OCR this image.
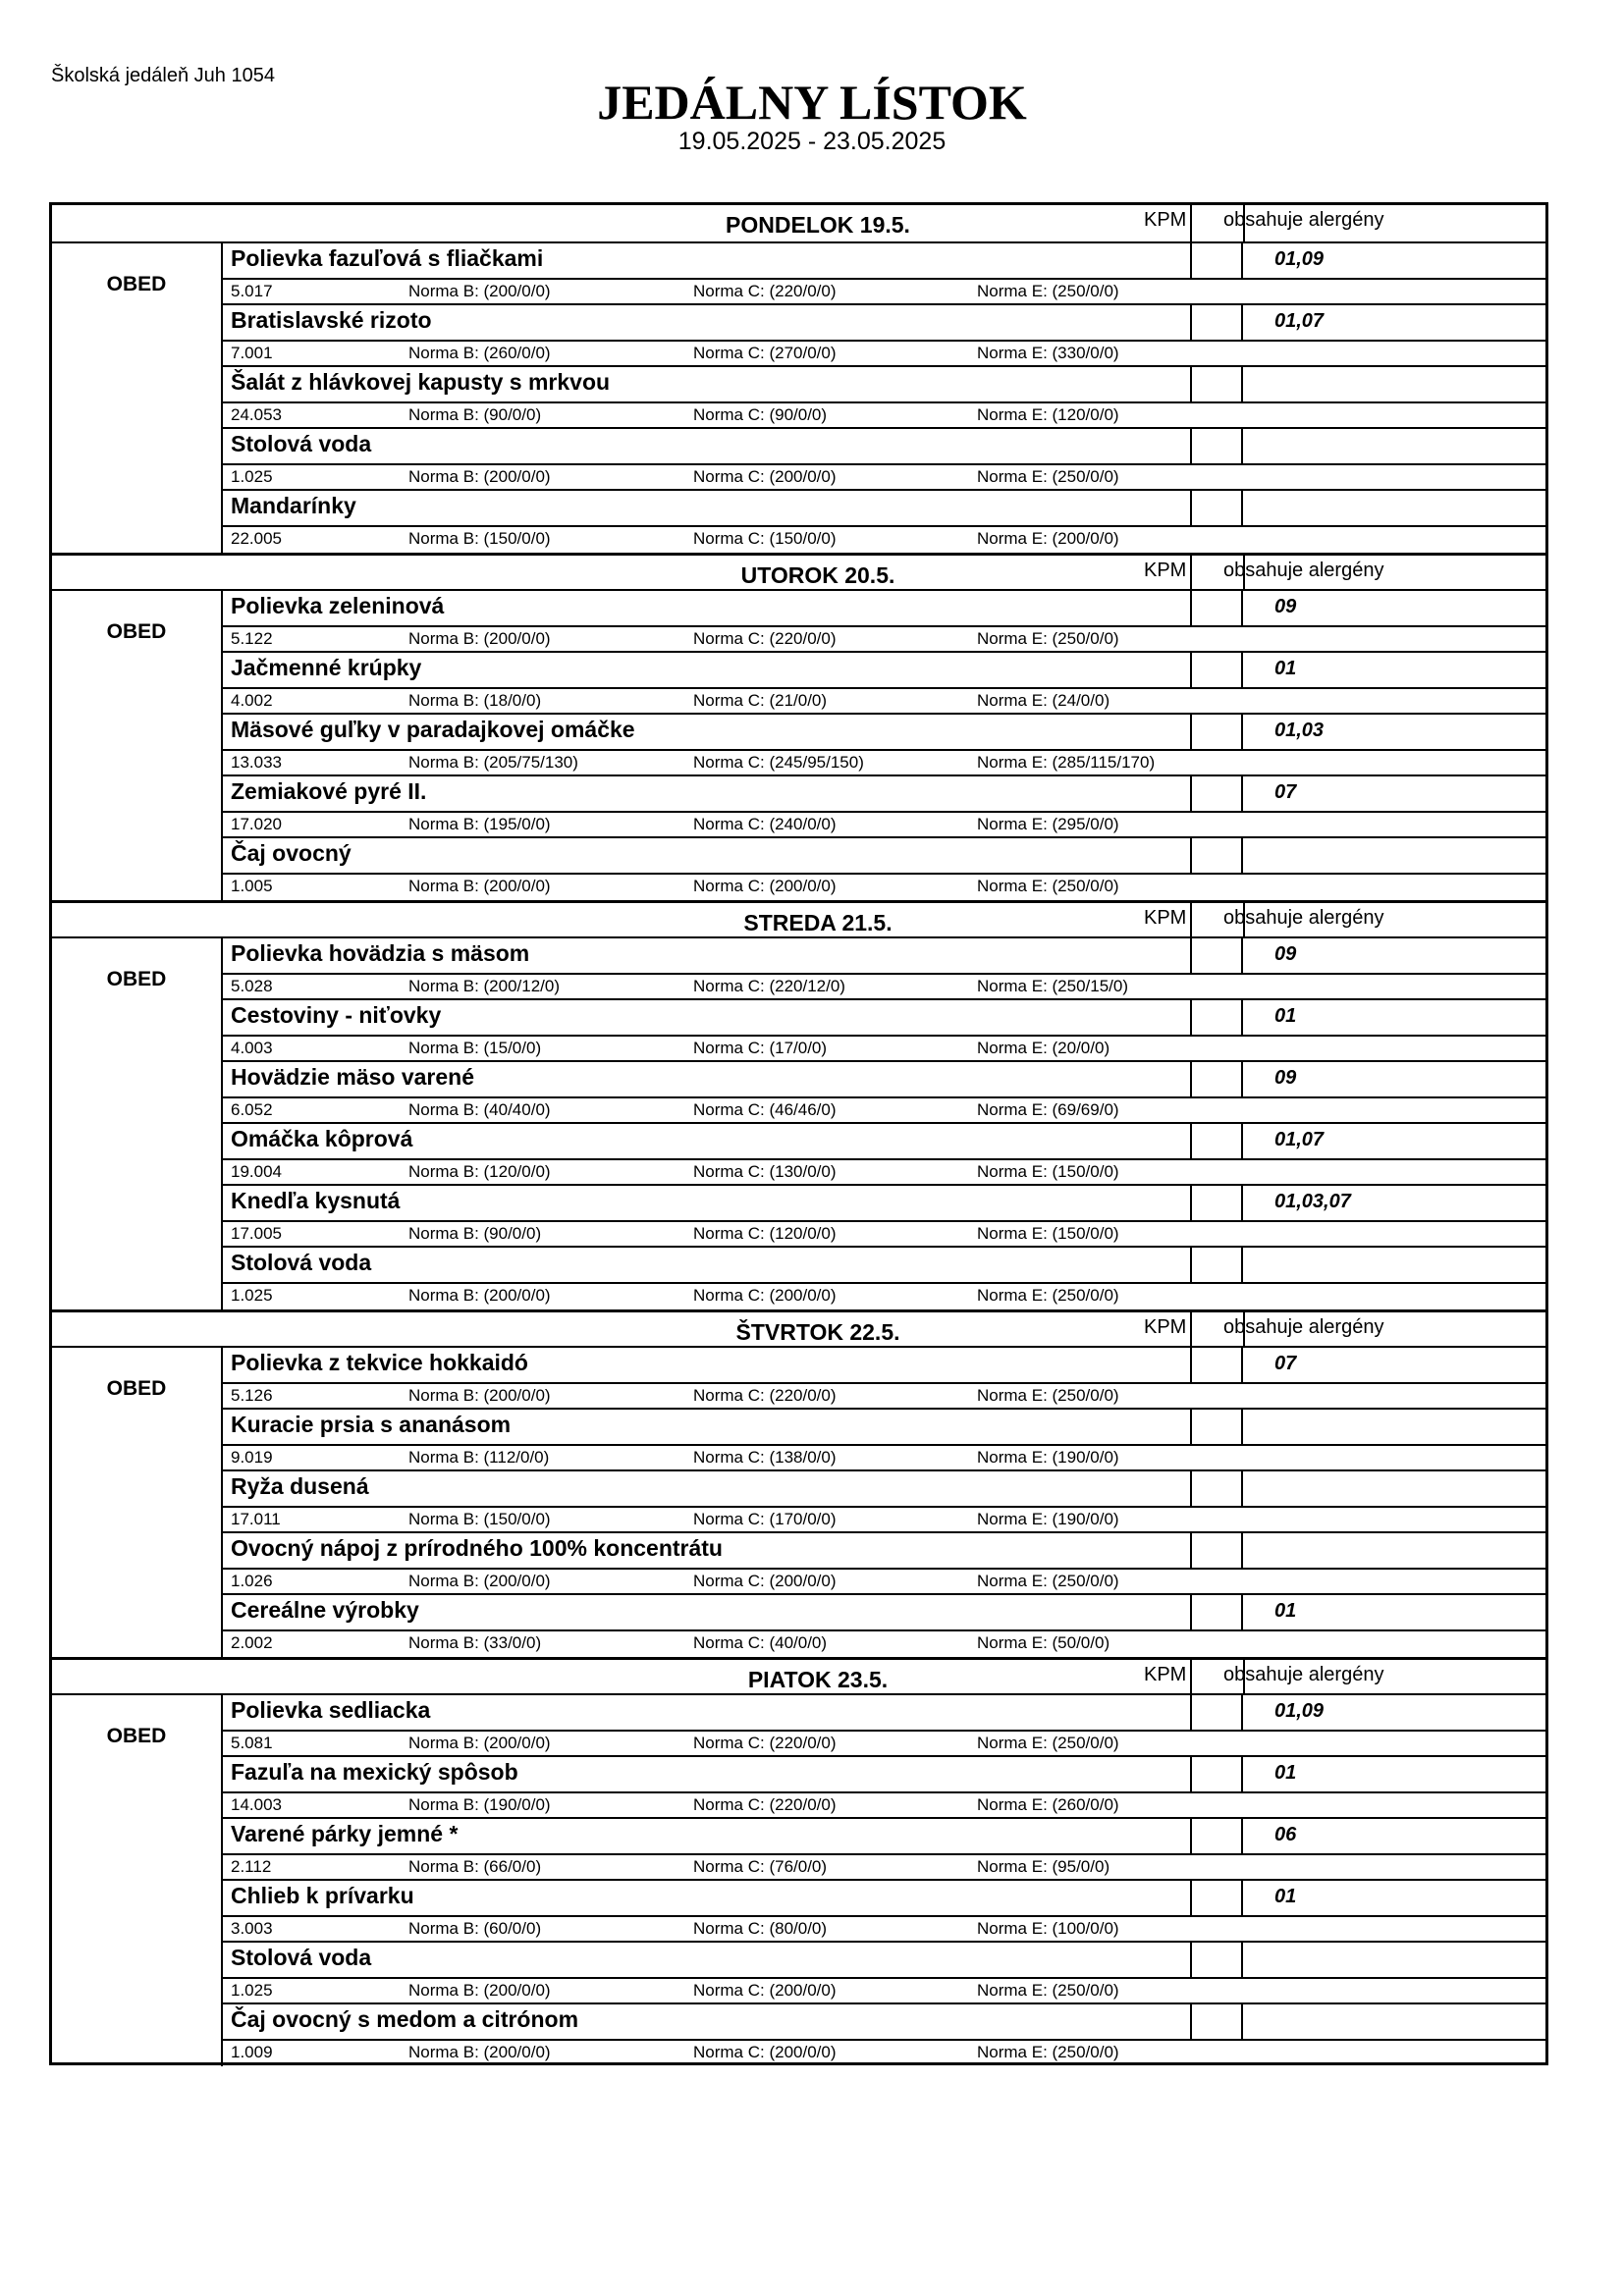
Školská jedáleň Juh 1054	JEDÁLNY LÍSTOK
19.05.2025 - 23.05.2025
PONDELOK 19.5.	KPM obsahuje alergény
OBED
Polievka fazuľová s fliačkami	01,09
5.017	Norma B: (200/0/0)	Norma C: (220/0/0)	Norma E: (250/0/0)
Bratislavské rizoto	01,07
7.001	Norma B: (260/0/0)	Norma C: (270/0/0)	Norma E: (330/0/0)
Šalát z hlávkovej kapusty s mrkvou
24.053	Norma B: (90/0/0)	Norma C: (90/0/0)	Norma E: (120/0/0)
Stolová voda
1.025	Norma B: (200/0/0)	Norma C: (200/0/0)	Norma E: (250/0/0)
Mandarínky
22.005	Norma B: (150/0/0)	Norma C: (150/0/0)	Norma E: (200/0/0)
UTOROK 20.5.	KPM obsahuje alergény
OBED
Polievka zeleninová	09
5.122	Norma B: (200/0/0)	Norma C: (220/0/0)	Norma E: (250/0/0)
Jačmenné krúpky	01
4.002	Norma B: (18/0/0)	Norma C: (21/0/0)	Norma E: (24/0/0)
Mäsové guľky v paradajkovej omáčke	01,03
13.033	Norma B: (205/75/130)	Norma C: (245/95/150)	Norma E: (285/115/170)
Zemiakové pyré II.	07
17.020	Norma B: (195/0/0)	Norma C: (240/0/0)	Norma E: (295/0/0)
Čaj ovocný
1.005	Norma B: (200/0/0)	Norma C: (200/0/0)	Norma E: (250/0/0)
STREDA 21.5.	KPM obsahuje alergény
OBED
Polievka hovädzia s mäsom	09
5.028	Norma B: (200/12/0)	Norma C: (220/12/0)	Norma E: (250/15/0)
Cestoviny - niťovky	01
4.003	Norma B: (15/0/0)	Norma C: (17/0/0)	Norma E: (20/0/0)
Hovädzie mäso varené	09
6.052	Norma B: (40/40/0)	Norma C: (46/46/0)	Norma E: (69/69/0)
Omáčka kôprová	01,07
19.004	Norma B: (120/0/0)	Norma C: (130/0/0)	Norma E: (150/0/0)
Knedľa kysnutá	01,03,07
17.005	Norma B: (90/0/0)	Norma C: (120/0/0)	Norma E: (150/0/0)
Stolová voda
1.025	Norma B: (200/0/0)	Norma C: (200/0/0)	Norma E: (250/0/0)
ŠTVRTOK 22.5.	KPM obsahuje alergény
OBED
Polievka z tekvice hokkaidó	07
5.126	Norma B: (200/0/0)	Norma C: (220/0/0)	Norma E: (250/0/0)
Kuracie prsia s ananásom
9.019	Norma B: (112/0/0)	Norma C: (138/0/0)	Norma E: (190/0/0)
Ryža dusená
17.011	Norma B: (150/0/0)	Norma C: (170/0/0)	Norma E: (190/0/0)
Ovocný nápoj z prírodného 100% koncentrátu
1.026	Norma B: (200/0/0)	Norma C: (200/0/0)	Norma E: (250/0/0)
Cereálne výrobky	01
2.002	Norma B: (33/0/0)	Norma C: (40/0/0)	Norma E: (50/0/0)
PIATOK 23.5.	KPM obsahuje alergény
OBED
Polievka sedliacka	01,09
5.081	Norma B: (200/0/0)	Norma C: (220/0/0)	Norma E: (250/0/0)
Fazuľa na mexický spôsob	01
14.003	Norma B: (190/0/0)	Norma C: (220/0/0)	Norma E: (260/0/0)
Varené párky jemné *	06
2.112	Norma B: (66/0/0)	Norma C: (76/0/0)	Norma E: (95/0/0)
Chlieb k prívarku	01
3.003	Norma B: (60/0/0)	Norma C: (80/0/0)	Norma E: (100/0/0)
Stolová voda
1.025	Norma B: (200/0/0)	Norma C: (200/0/0)	Norma E: (250/0/0)
Čaj ovocný s medom a citrónom
1.009	Norma B: (200/0/0)	Norma C: (200/0/0)	Norma E: (250/0/0)
